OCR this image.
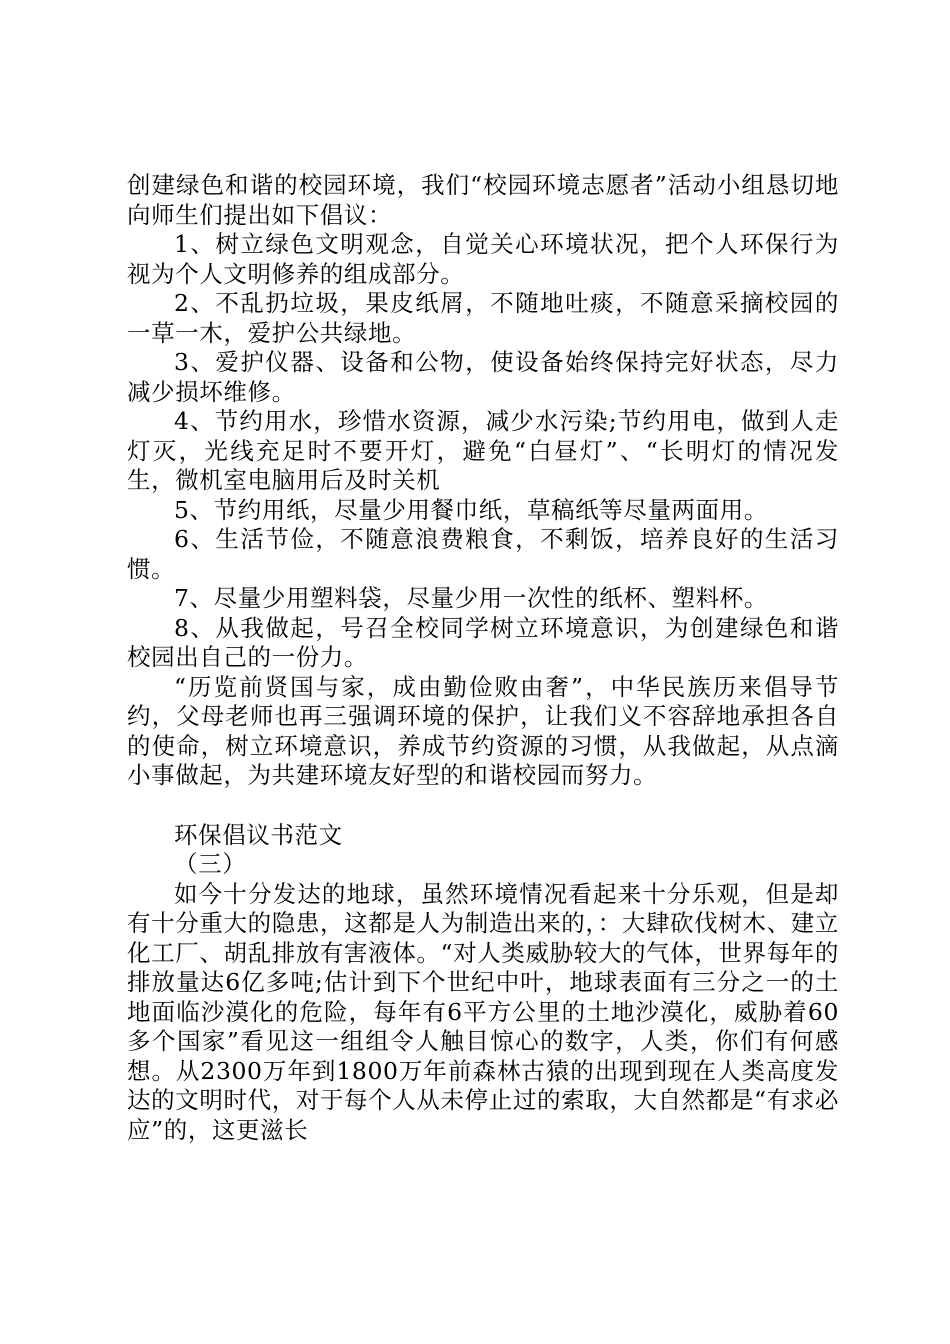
创建绿色和谐的校园环境，我们“校园环境志愿者”活动小组恳切地向师生们提出如下倡议：

1、树立绿色文明观念，自觉关心环境状况，把个人环保行为视为个人文明修养的组成部分。

2、不乱扔垃圾，果皮纸屑，不随地吐痰，不随意采摘校园的一草一木，爱护公共绿地。

3、爱护仪器、设备和公物，使设备始终保持完好状态，尽力减少损坏维修。

4、节约用水，珍惜水资源，减少水污染;节约用电，做到人走灯灭，光线充足时不要开灯，避免“白昼灯”、“长明灯的情况发生，微机室电脑用后及时关机

5、节约用纸，尽量少用餐巾纸，草稿纸等尽量两面用。

6、生活节俭，不随意浪费粮食，不剩饭，培养良好的生活习惯。

7、尽量少用塑料袋，尽量少用一次性的纸杯、塑料杯。

8、从我做起，号召全校同学树立环境意识，为创建绿色和谐校园出自己的一份力。

“历览前贤国与家，成由勤俭败由奢”，中华民族历来倡导节约，父母老师也再三强调环境的保护，让我们义不容辞地承担各自的使命，树立环境意识，养成节约资源的习惯，从我做起，从点滴小事做起，为共建环境友好型的和谐校园而努力。

环保倡议书范文

（三）

如今十分发达的地球，虽然环境情况看起来十分乐观，但是却有十分重大的隐患，这都是人为制造出来的，：大肆砍伐树木、建立化工厂、胡乱排放有害液体。“对人类威胁较大的气体，世界每年的排放量达6亿多吨;估计到下个世纪中叶，地球表面有三分之一的土地面临沙漠化的危险，每年有6平方公里的土地沙漠化，威胁着60多个国家”看见这一组组令人触目惊心的数字，人类，你们有何感想。从2300万年到1800万年前森林古猿的出现到现在人类高度发达的文明时代，对于每个人从未停止过的索取，大自然都是“有求必应”的，这更滋长
